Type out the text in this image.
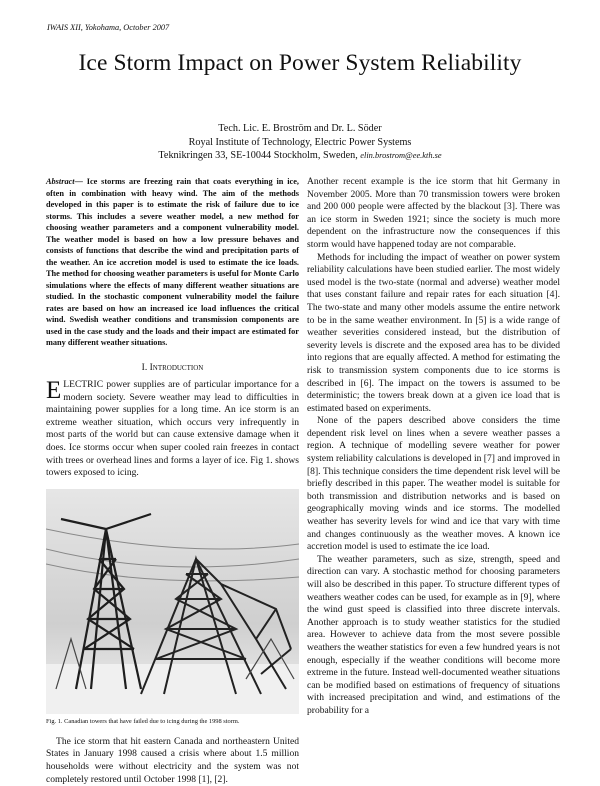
IWAIS XII, Yokohama, October 2007
Ice Storm Impact on Power System Reliability
Tech. Lic. E. Broström and Dr. L. Söder
Royal Institute of Technology, Electric Power Systems
Teknikringen 33, SE-10044 Stockholm, Sweden, elin.brostrom@ee.kth.se

Abstract— Ice storms are freezing rain that coats everything in ice, often in combination with heavy wind. The aim of the methods developed in this paper is to estimate the risk of failure due to ice storms. This includes a severe weather model, a new method for choosing weather parameters and a component vulnerability model. The weather model is based on how a low pressure behaves and consists of functions that describe the wind and precipitation parts of the weather. An ice accretion model is used to estimate the ice loads. The method for choosing weather parameters is useful for Monte Carlo simulations where the effects of many different weather situations are studied. In the stochastic component vulnerability model the failure rates are based on how an increased ice load influences the critical wind. Swedish weather conditions and transmission components are used in the case study and the loads and their impact are estimated for many different weather situations.

I. Introduction

ELECTRIC power supplies are of particular importance for a modern society. Severe weather may lead to difficulties in maintaining power supplies for a long time. An ice storm is an extreme weather situation, which occurs very infrequently in most parts of the world but can cause extensive damage when it does. Ice storms occur when super cooled rain freezes in contact with trees or overhead lines and forms a layer of ice. Fig 1. shows towers exposed to icing.

Fig. 1. Canadian towers that have failed due to icing during the 1998 storm.

The ice storm that hit eastern Canada and northeastern United States in January 1998 caused a crisis where about 1.5 million households were without electricity and the system was not completely restored until October 1998 [1], [2].

Another recent example is the ice storm that hit Germany in November 2005. More than 70 transmission towers were broken and 200 000 people were affected by the blackout [3]. There was an ice storm in Sweden 1921; since the society is much more dependent on the infrastructure now the consequences if this storm would have happened today are not comparable.

Methods for including the impact of weather on power system reliability calculations have been studied earlier. The most widely used model is the two-state (normal and adverse) weather model that uses constant failure and repair rates for each situation [4]. The two-state and many other models assume the entire network to be in the same weather environment. In [5] is a wide range of weather severities considered instead, but the distribution of severity levels is discrete and the exposed area has to be divided into regions that are equally affected. A method for estimating the risk to transmission system components due to ice storms is described in [6]. The impact on the towers is assumed to be deterministic; the towers break down at a given ice load that is estimated based on experiments.

None of the papers described above considers the time dependent risk level on lines when a severe weather passes a region. A technique of modelling severe weather for power system reliability calculations is developed in [7] and improved in [8]. This technique considers the time dependent risk level will be briefly described in this paper. The weather model is suitable for both transmission and distribution networks and is based on geographically moving winds and ice storms. The modelled weather has severity levels for wind and ice that vary with time and changes continuously as the weather moves. A known ice accretion model is used to estimate the ice load.

The weather parameters, such as size, strength, speed and direction can vary. A stochastic method for choosing parameters will also be described in this paper. To structure different types of weathers weather codes can be used, for example as in [9], where the wind gust speed is classified into three discrete intervals. Another approach is to study weather statistics for the studied area. However to achieve data from the most severe possible weathers the weather statistics for even a few hundred years is not enough, especially if the weather conditions will become more extreme in the future. Instead well-documented weather situations can be modified based on estimations of frequency of situations with increased precipitation and wind, and estimations of the probability for a
